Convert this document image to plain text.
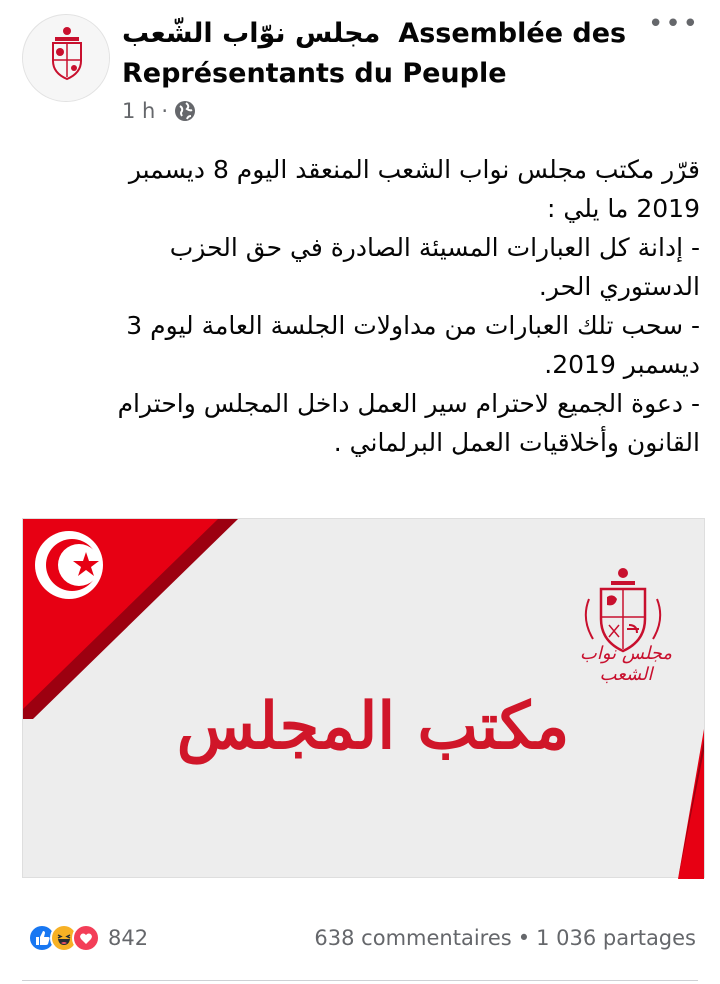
مجلس نوّاب الشّعب Assemblée des Représentants du Peuple
•••
1 h ·
قرّر مكتب مجلس نواب الشعب المنعقد اليوم 8 ديسمبر
2019 ما يلي :
- إدانة كل العبارات المسيئة الصادرة في حق الحزب
الدستوري الحر.
- سحب تلك العبارات من مداولات الجلسة العامة ليوم 3
ديسمبر 2019.
- دعوة الجميع لاحترام سير العمل داخل المجلس واحترام
القانون وأخلاقيات العمل البرلماني .
مجلس نواب الشعب
مكتب المجلس
842	638 commentaires • 1 036 partages
